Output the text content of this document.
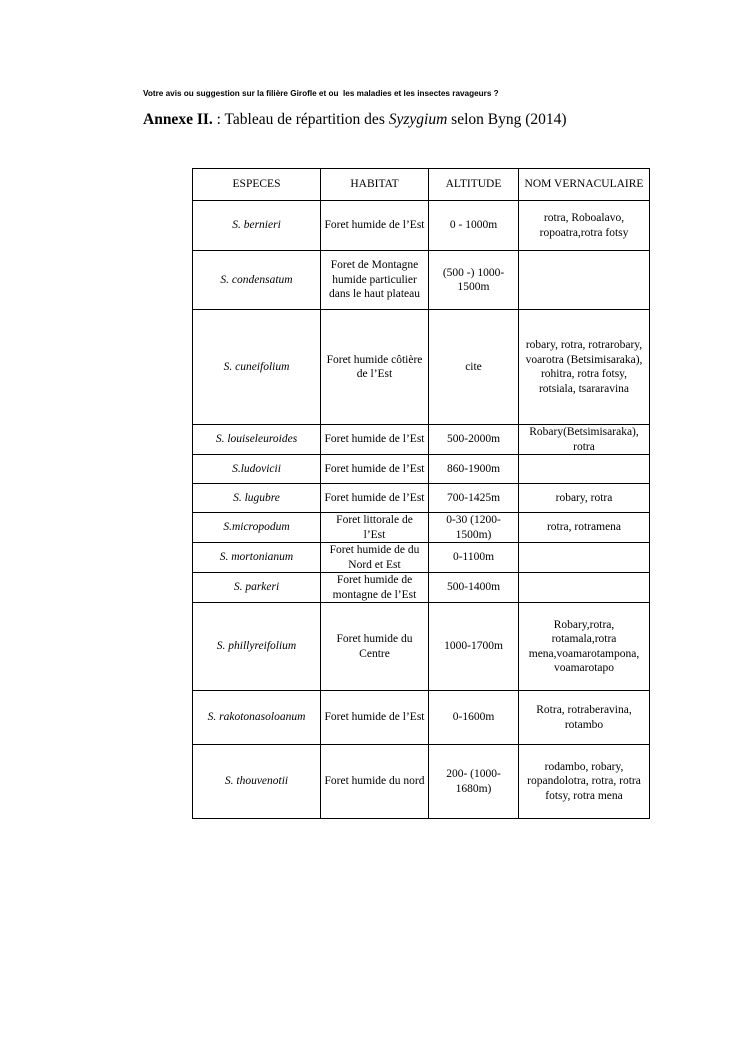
Votre avis ou suggestion sur la filière Girofle et ou  les maladies et les insectes ravageurs ?
Annexe II. : Tableau de répartition des Syzygium selon Byng (2014)
ESPECES	HABITAT	ALTITUDE	NOM VERNACULAIRE
S. bernieri	Foret humide de l’Est	0 - 1000m	rotra, Roboalavo, ropoatra,rotra fotsy
S. condensatum	Foret de Montagne humide particulier dans le haut plateau	(500 -) 1000-1500m	
S. cuneifolium	Foret humide côtière de l’Est	cite	robary, rotra, rotrarobary, voarotra (Betsimisaraka), rohitra, rotra fotsy, rotsiala, tsararavina
S. louiseleuroides	Foret humide de l’Est	500-2000m	Robary(Betsimisaraka), rotra
S.ludovicii	Foret humide de l’Est	860-1900m	
S. lugubre	Foret humide de l’Est	700-1425m	robary, rotra
S.micropodum	Foret littorale de l’Est	0-30 (1200-1500m)	rotra, rotramena
S. mortonianum	Foret humide de du Nord et Est	0-1100m	
S. parkeri	Foret humide de montagne de l’Est	500-1400m	
S. phillyreifolium	Foret humide du Centre	1000-1700m	Robary,rotra, rotamala,rotra mena,voamarotampona, voamarotapo
S. rakotonasoloanum	Foret humide de l’Est	0-1600m	Rotra, rotraberavina, rotambo
S. thouvenotii	Foret humide du nord	200- (1000-1680m)	rodambo, robary, ropandolotra, rotra, rotra fotsy, rotra mena
